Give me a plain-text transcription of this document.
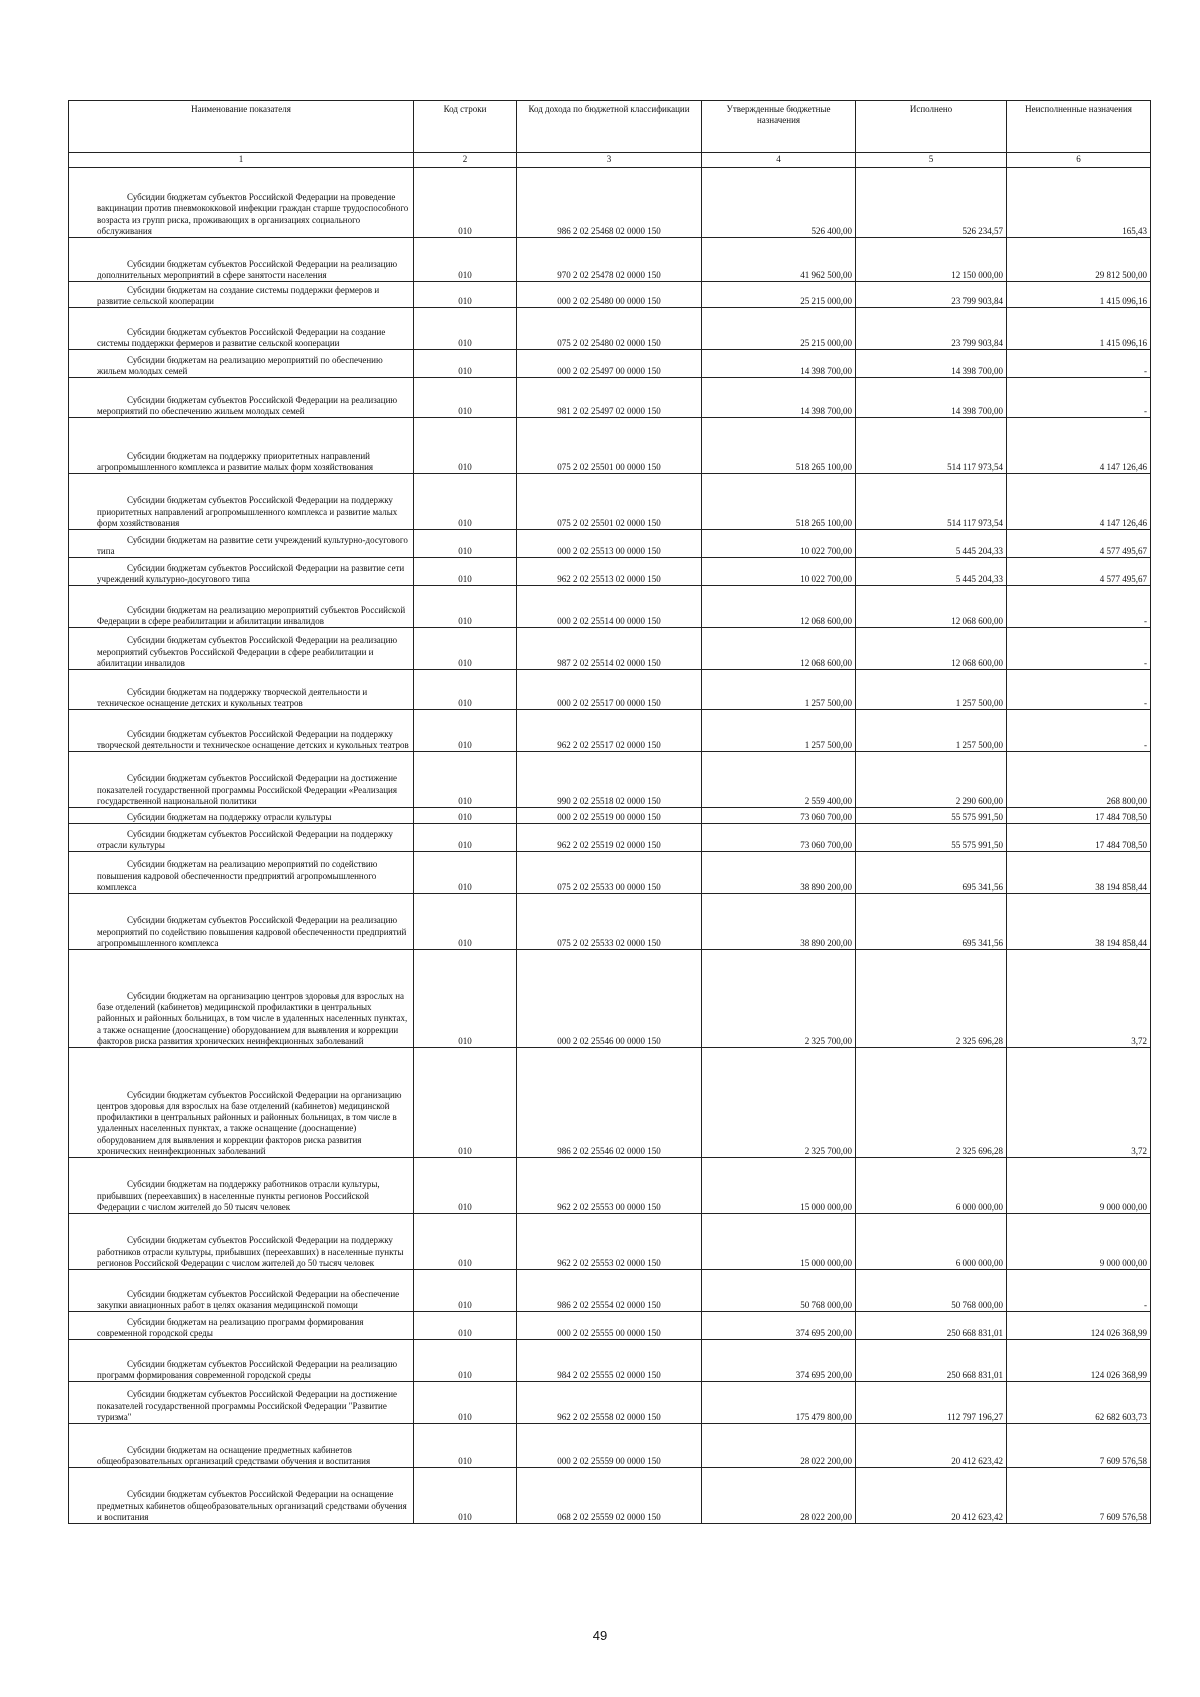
Наименование показателя	Код строки	Код дохода по бюджетной классификации	Утвержденные бюджетные назначения	Исполнено	Неисполненные назначения
1	2	3	4	5	6
Субсидии бюджетам субъектов Российской Федерации на проведение вакцинации против пневмококковой инфекции граждан старше трудоспособного возраста из групп риска, проживающих в организациях социального обслуживания	010	986 2 02 25468 02 0000 150	526 400,00	526 234,57	165,43
Субсидии бюджетам субъектов Российской Федерации на реализацию дополнительных мероприятий в сфере занятости населения	010	970 2 02 25478 02 0000 150	41 962 500,00	12 150 000,00	29 812 500,00
Субсидии бюджетам на создание системы поддержки фермеров и развитие сельской кооперации	010	000 2 02 25480 00 0000 150	25 215 000,00	23 799 903,84	1 415 096,16
Субсидии бюджетам субъектов Российской Федерации на создание системы поддержки фермеров и развитие сельской кооперации	010	075 2 02 25480 02 0000 150	25 215 000,00	23 799 903,84	1 415 096,16
Субсидии бюджетам на реализацию мероприятий по обеспечению жильем молодых семей	010	000 2 02 25497 00 0000 150	14 398 700,00	14 398 700,00	-
Субсидии бюджетам субъектов Российской Федерации на реализацию мероприятий по обеспечению жильем молодых семей	010	981 2 02 25497 02 0000 150	14 398 700,00	14 398 700,00	-
Субсидии бюджетам на поддержку приоритетных направлений агропромышленного комплекса и развитие малых форм хозяйствования	010	075 2 02 25501 00 0000 150	518 265 100,00	514 117 973,54	4 147 126,46
Субсидии бюджетам субъектов Российской Федерации на поддержку приоритетных направлений агропромышленного комплекса и развитие малых форм хозяйствования	010	075 2 02 25501 02 0000 150	518 265 100,00	514 117 973,54	4 147 126,46
Субсидии бюджетам на развитие сети учреждений культурно-досугового типа	010	000 2 02 25513 00 0000 150	10 022 700,00	5 445 204,33	4 577 495,67
Субсидии бюджетам субъектов Российской Федерации на развитие сети учреждений культурно-досугового типа	010	962 2 02 25513 02 0000 150	10 022 700,00	5 445 204,33	4 577 495,67
Субсидии бюджетам на реализацию мероприятий субъектов Российской Федерации в сфере реабилитации и абилитации инвалидов	010	000 2 02 25514 00 0000 150	12 068 600,00	12 068 600,00	-
Субсидии бюджетам субъектов Российской Федерации на реализацию мероприятий субъектов Российской Федерации в сфере реабилитации и абилитации инвалидов	010	987 2 02 25514 02 0000 150	12 068 600,00	12 068 600,00	-
Субсидии бюджетам на поддержку творческой деятельности и техническое оснащение детских и кукольных театров	010	000 2 02 25517 00 0000 150	1 257 500,00	1 257 500,00	-
Субсидии бюджетам субъектов Российской Федерации на поддержку творческой деятельности и техническое оснащение детских и кукольных театров	010	962 2 02 25517 02 0000 150	1 257 500,00	1 257 500,00	-
Субсидии бюджетам субъектов Российской Федерации на достижение показателей государственной программы Российской Федерации «Реализация государственной национальной политики	010	990 2 02 25518 02 0000 150	2 559 400,00	2 290 600,00	268 800,00
Субсидии бюджетам на поддержку отрасли культуры	010	000 2 02 25519 00 0000 150	73 060 700,00	55 575 991,50	17 484 708,50
Субсидии бюджетам субъектов Российской Федерации на поддержку отрасли культуры	010	962 2 02 25519 02 0000 150	73 060 700,00	55 575 991,50	17 484 708,50
Субсидии бюджетам на реализацию мероприятий по содействию повышения кадровой обеспеченности предприятий агропромышленного комплекса	010	075 2 02 25533 00 0000 150	38 890 200,00	695 341,56	38 194 858,44
Субсидии бюджетам субъектов Российской Федерации на реализацию мероприятий по содействию повышения кадровой обеспеченности предприятий агропромышленного комплекса	010	075 2 02 25533 02 0000 150	38 890 200,00	695 341,56	38 194 858,44
Субсидии бюджетам на организацию центров здоровья для взрослых на базе отделений (кабинетов) медицинской профилактики в центральных районных и районных больницах, в том числе в удаленных населенных пунктах, а также оснащение (дооснащение) оборудованием для выявления и коррекции факторов риска развития хронических неинфекционных заболеваний	010	000 2 02 25546 00 0000 150	2 325 700,00	2 325 696,28	3,72
Субсидии бюджетам субъектов Российской Федерации на организацию центров здоровья для взрослых на базе отделений (кабинетов) медицинской профилактики в центральных районных и районных больницах, в том числе в удаленных населенных пунктах, а также оснащение (дооснащение) оборудованием для выявления и коррекции факторов риска развития хронических неинфекционных заболеваний	010	986 2 02 25546 02 0000 150	2 325 700,00	2 325 696,28	3,72
Субсидии бюджетам на поддержку работников отрасли культуры, прибывших (переехавших) в населенные пункты регионов Российской Федерации с числом жителей до 50 тысяч человек	010	962 2 02 25553 00 0000 150	15 000 000,00	6 000 000,00	9 000 000,00
Субсидии бюджетам субъектов Российской Федерации на поддержку работников отрасли культуры, прибывших (переехавших) в населенные пункты регионов Российской Федерации с числом жителей до 50 тысяч человек	010	962 2 02 25553 02 0000 150	15 000 000,00	6 000 000,00	9 000 000,00
Субсидии бюджетам субъектов Российской Федерации на обеспечение закупки авиационных работ в целях оказания медицинской помощи	010	986 2 02 25554 02 0000 150	50 768 000,00	50 768 000,00	-
Субсидии бюджетам на реализацию программ формирования современной городской среды	010	000 2 02 25555 00 0000 150	374 695 200,00	250 668 831,01	124 026 368,99
Субсидии бюджетам субъектов Российской Федерации на реализацию программ формирования современной городской среды	010	984 2 02 25555 02 0000 150	374 695 200,00	250 668 831,01	124 026 368,99
Субсидии бюджетам субъектов Российской Федерации на достижение показателей государственной программы Российской Федерации "Развитие туризма"	010	962 2 02 25558 02 0000 150	175 479 800,00	112 797 196,27	62 682 603,73
Субсидии бюджетам на оснащение предметных кабинетов общеобразовательных организаций средствами обучения и воспитания	010	000 2 02 25559 00 0000 150	28 022 200,00	20 412 623,42	7 609 576,58
Субсидии бюджетам субъектов Российской Федерации на оснащение предметных кабинетов общеобразовательных организаций средствами обучения и воспитания	010	068 2 02 25559 02 0000 150	28 022 200,00	20 412 623,42	7 609 576,58
49
